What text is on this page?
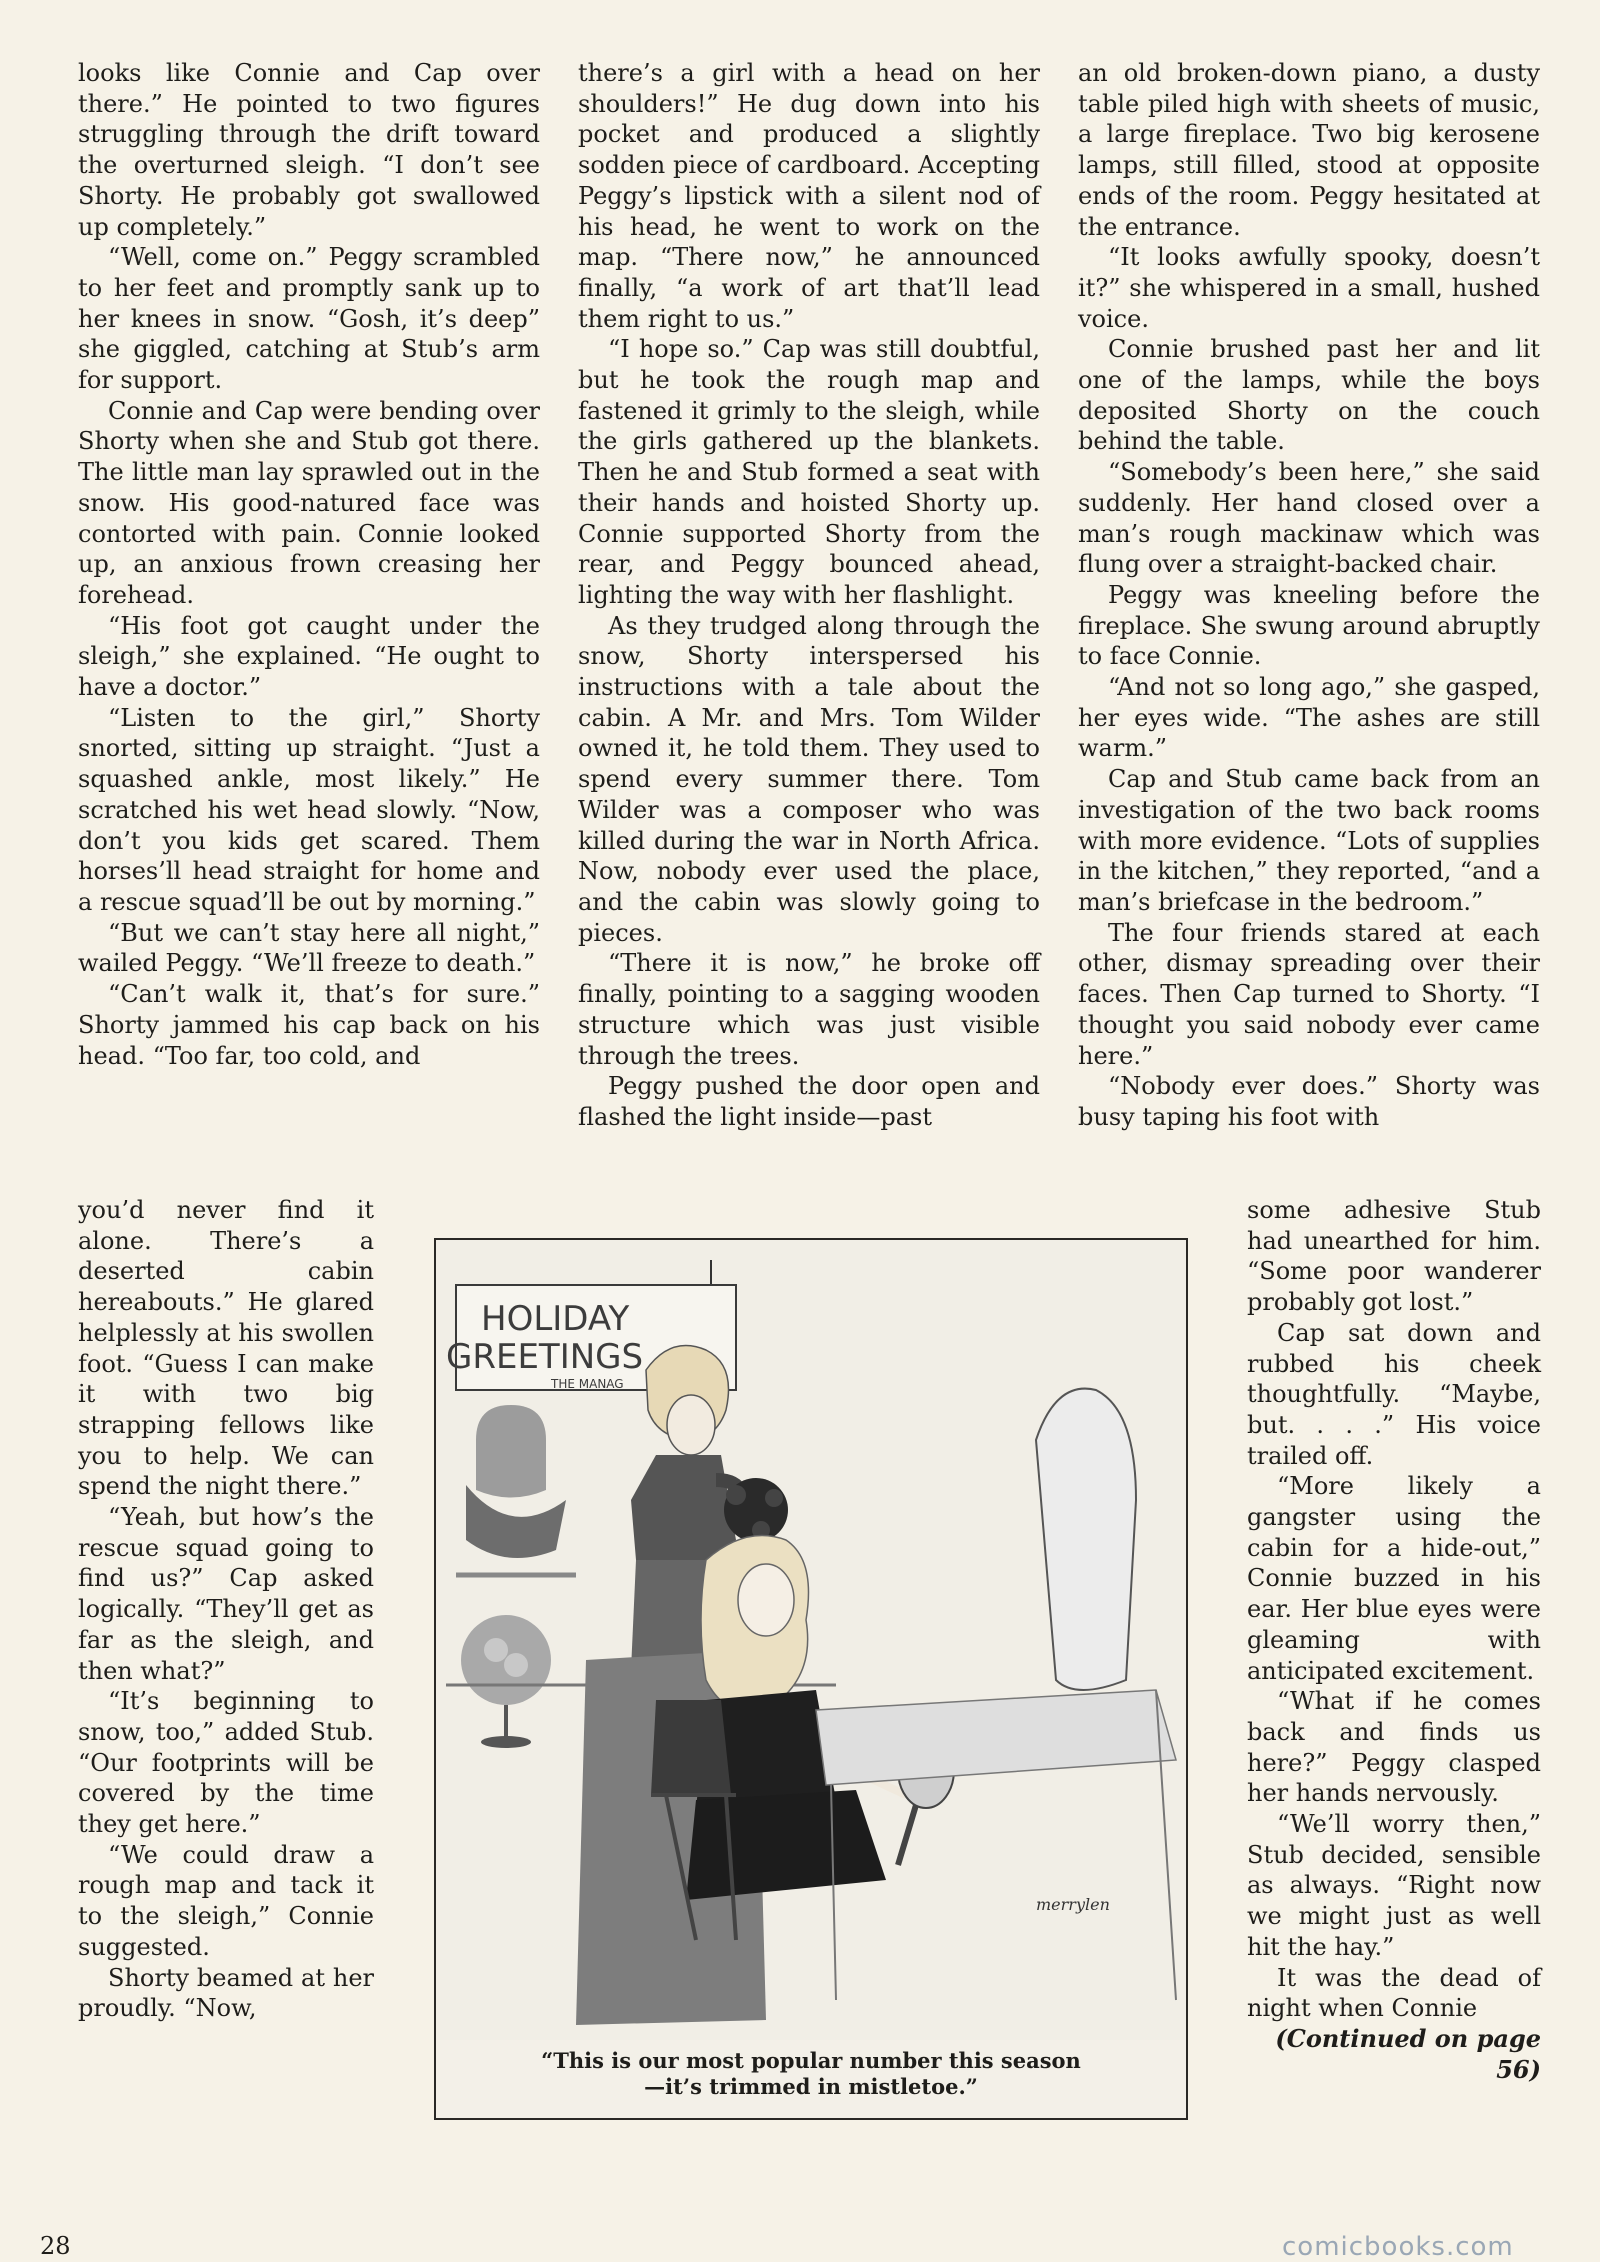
looks like Connie and Cap over there.” He pointed to two figures struggling through the drift toward the overturned sleigh. “I don’t see Shorty. He probably got swallowed up completely.”

“Well, come on.” Peggy scrambled to her feet and promptly sank up to her knees in snow. “Gosh, it’s deep” she giggled, catching at Stub’s arm for support.

Connie and Cap were bending over Shorty when she and Stub got there. The little man lay sprawled out in the snow. His good-natured face was contorted with pain. Connie looked up, an anxious frown creasing her forehead.

“His foot got caught under the sleigh,” she explained. “He ought to have a doctor.”

“Listen to the girl,” Shorty snorted, sitting up straight. “Just a squashed ankle, most likely.” He scratched his wet head slowly. “Now, don’t you kids get scared. Them horses’ll head straight for home and a rescue squad’ll be out by morning.”

“But we can’t stay here all night,” wailed Peggy. “We’ll freeze to death.”

“Can’t walk it, that’s for sure.” Shorty jammed his cap back on his head. “Too far, too cold, and

you’d never find it alone. There’s a deserted cabin hereabouts.” He glared helplessly at his swollen foot. “Guess I can make it with two big strapping fellows like you to help. We can spend the night there.”

“Yeah, but how’s the rescue squad going to find us?” Cap asked logically. “They’ll get as far as the sleigh, and then what?”

“It’s beginning to snow, too,” added Stub. “Our footprints will be covered by the time they get here.”

“We could draw a rough map and tack it to the sleigh,” Connie suggested.

Shorty beamed at her proudly. “Now,

there’s a girl with a head on her shoulders!” He dug down into his pocket and produced a slightly sodden piece of cardboard. Accepting Peggy’s lipstick with a silent nod of his head, he went to work on the map. “There now,” he announced finally, “a work of art that’ll lead them right to us.”

“I hope so.” Cap was still doubtful, but he took the rough map and fastened it grimly to the sleigh, while the girls gathered up the blankets. Then he and Stub formed a seat with their hands and hoisted Shorty up. Connie supported Shorty from the rear, and Peggy bounced ahead, lighting the way with her flashlight.

As they trudged along through the snow, Shorty interspersed his instructions with a tale about the cabin. A Mr. and Mrs. Tom Wilder owned it, he told them. They used to spend every summer there. Tom Wilder was a composer who was killed during the war in North Africa. Now, nobody ever used the place, and the cabin was slowly going to pieces.

“There it is now,” he broke off finally, pointing to a sagging wooden structure which was just visible through the trees.

Peggy pushed the door open and flashed the light inside—past

an old broken-down piano, a dusty table piled high with sheets of music, a large fireplace. Two big kerosene lamps, still filled, stood at opposite ends of the room. Peggy hesitated at the entrance.

“It looks awfully spooky, doesn’t it?” she whispered in a small, hushed voice.

Connie brushed past her and lit one of the lamps, while the boys deposited Shorty on the couch behind the table.

“Somebody’s been here,” she said suddenly. Her hand closed over a man’s rough mackinaw which was flung over a straight-backed chair.

Peggy was kneeling before the fireplace. She swung around abruptly to face Connie.

“And not so long ago,” she gasped, her eyes wide. “The ashes are still warm.”

Cap and Stub came back from an investigation of the two back rooms with more evidence. “Lots of supplies in the kitchen,” they reported, “and a man’s briefcase in the bedroom.”

The four friends stared at each other, dismay spreading over their faces. Then Cap turned to Shorty. “I thought you said nobody ever came here.”

“Nobody ever does.” Shorty was busy taping his foot with

some adhesive Stub had unearthed for him. “Some poor wanderer probably got lost.”

Cap sat down and rubbed his cheek thoughtfully. “Maybe, but. . . .” His voice trailed off.

“More likely a gangster using the cabin for a hide-out,” Connie buzzed in his ear. Her blue eyes were gleaming with anticipated excitement.

“What if he comes back and finds us here?” Peggy clasped her hands nervously.

“We’ll worry then,” Stub decided, sensible as always. “Right now we might just as well hit the hay.”

It was the dead of night when Connie

(Continued on page 56)
HOLIDAY
GREETINGS
THE MANAG
merrylen
“This is our most popular number this season
—it’s trimmed in mistletoe.”
28	comicbooks.com
